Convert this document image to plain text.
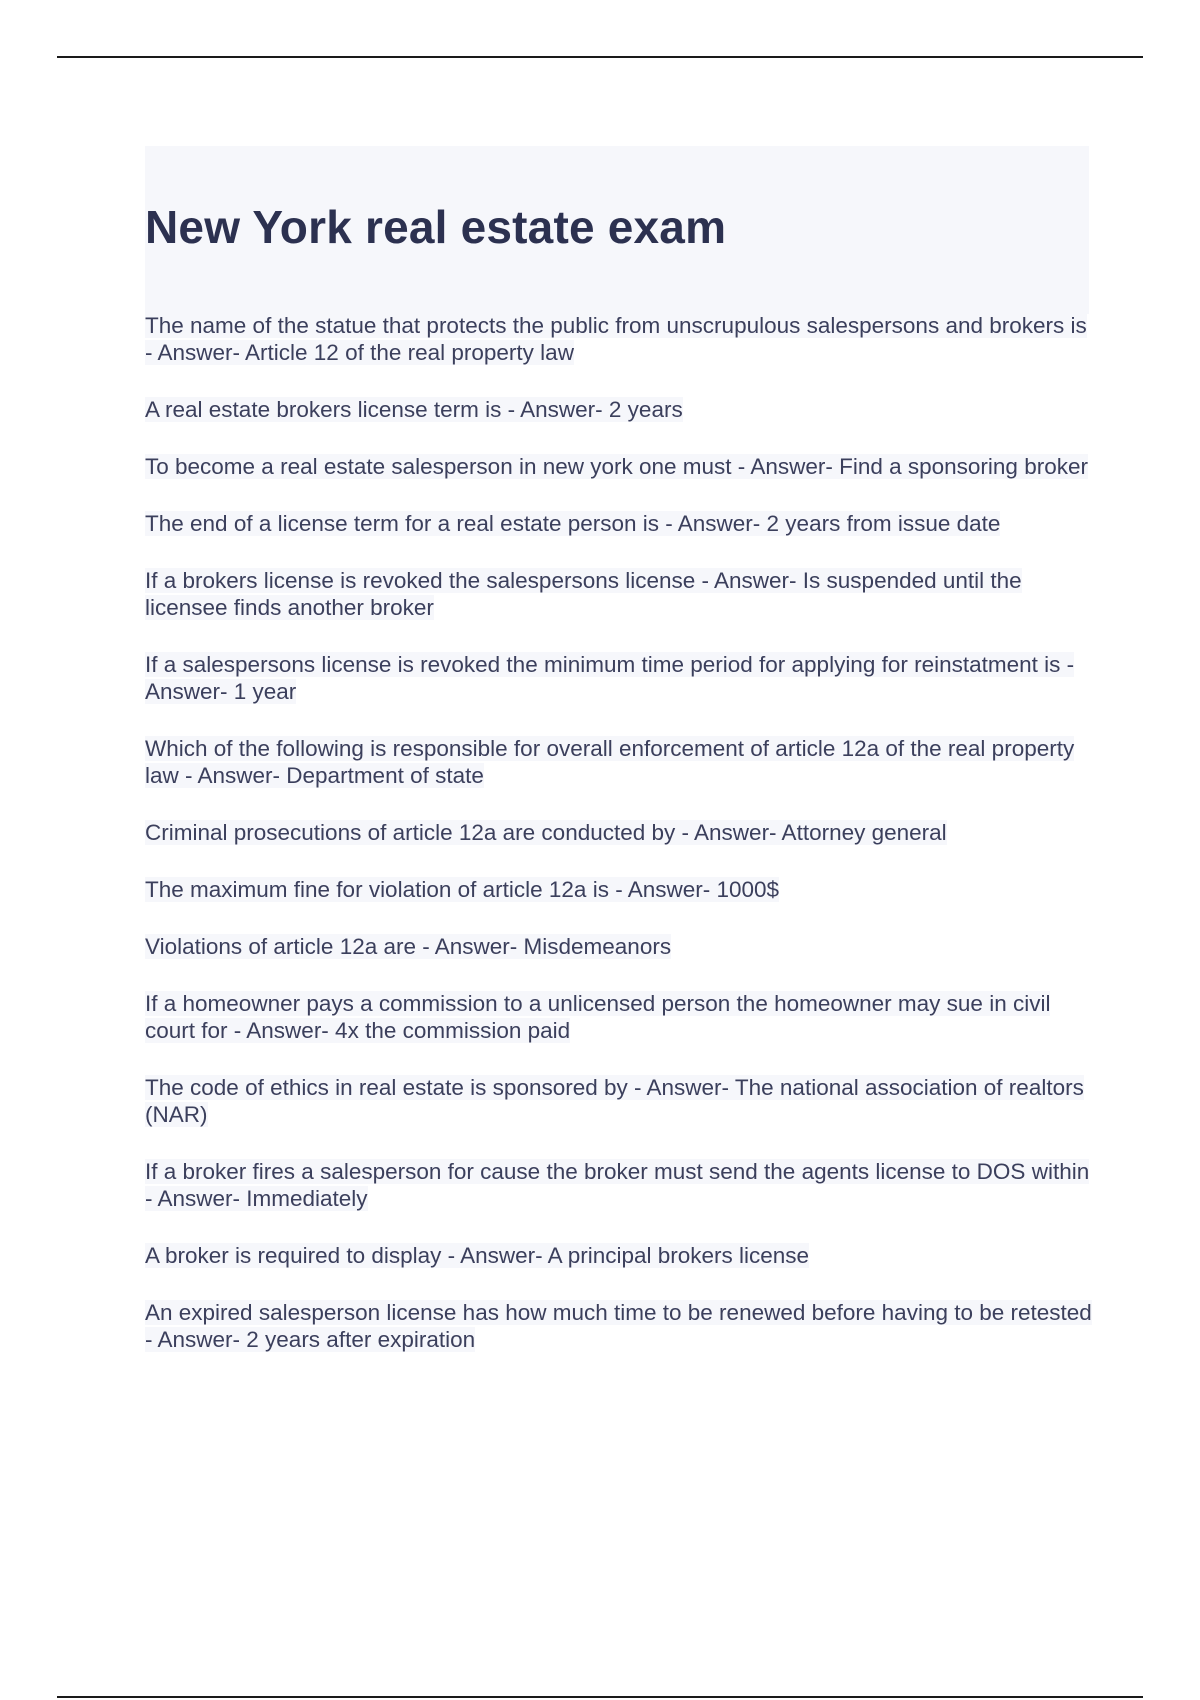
New York real estate exam

The name of the statue that protects the public from unscrupulous salespersons and brokers is - Answer- Article 12 of the real property law

A real estate brokers license term is - Answer- 2 years

To become a real estate salesperson in new york one must - Answer- Find a sponsoring broker

The end of a license term for a real estate person is - Answer- 2 years from issue date

If a brokers license is revoked the salespersons license - Answer- Is suspended until the licensee finds another broker

If a salespersons license is revoked the minimum time period for applying for reinstatment is - Answer- 1 year

Which of the following is responsible for overall enforcement of article 12a of the real property law - Answer- Department of state

Criminal prosecutions of article 12a are conducted by - Answer- Attorney general

The maximum fine for violation of article 12a is - Answer- 1000$

Violations of article 12a are - Answer- Misdemeanors

If a homeowner pays a commission to a unlicensed person the homeowner may sue in civil court for - Answer- 4x the commission paid

The code of ethics in real estate is sponsored by - Answer- The national association of realtors (NAR)

If a broker fires a salesperson for cause the broker must send the agents license to DOS within - Answer- Immediately

A broker is required to display - Answer- A principal brokers license

An expired salesperson license has how much time to be renewed before having to be retested - Answer- 2 years after expiration
